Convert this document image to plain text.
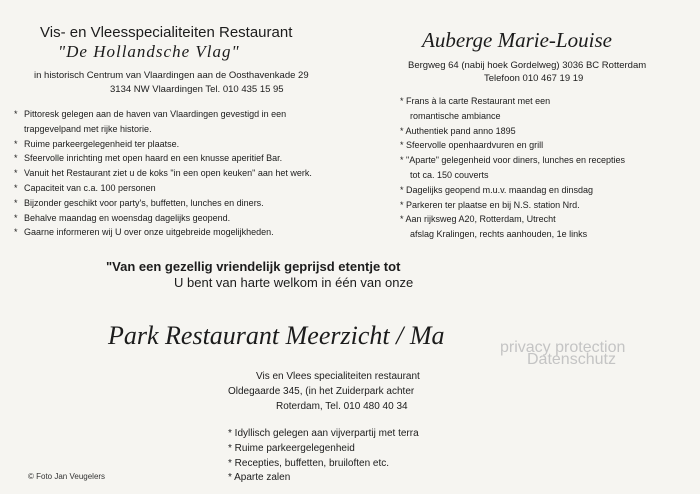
Vis- en Vleesspecialiteiten Restaurant
"De Hollandsche Vlag"
in historisch Centrum van Vlaardingen aan de Oosthavenkade 29
3134 NW Vlaardingen Tel. 010 435 15 95
* Pittoresk gelegen aan de haven van Vlaardingen gevestigd in een
trapgevelpand met rijke historie.
* Ruime parkeergelegenheid ter plaatse.
* Sfeervolle inrichting met open haard en een knusse aperitief Bar.
* Vanuit het Restaurant ziet u de koks "in een open keuken" aan het werk.
* Capaciteit van c.a. 100 personen
* Bijzonder geschikt voor party's, buffetten, lunches en diners.
* Behalve maandag en woensdag dagelijks geopend.
* Gaarne informeren wij U over onze uitgebreide mogelijkheden.
Auberge Marie-Louise
Bergweg 64 (nabij hoek Gordelweg) 3036 BC Rotterdam
Telefoon 010 467 19 19
* Frans à la carte Restaurant met een
romantische ambiance
* Authentiek pand anno 1895
* Sfeervolle openhaardvuren en grill
* "Aparte" gelegenheid voor diners, lunches en recepties
tot ca. 150 couverts
* Dagelijks geopend m.u.v. maandag en dinsdag
* Parkeren ter plaatse en bij N.S. station Nrd.
* Aan rijksweg A20, Rotterdam, Utrecht
afslag Kralingen, rechts aanhouden, 1e links
"Van een gezellig vriendelijk geprijsd etentje tot
U bent van harte welkom in één van onze
Park Restaurant Meerzicht / Ma
Vis en Vlees specialiteiten restaurant
Oldegaarde 345, (in het Zuiderpark achter
Roterdam, Tel. 010 480 40 34
* Idyllisch gelegen aan vijverpartij met terra
* Ruime parkeergelegenheid
* Recepties, buffetten, bruiloften etc.
* Aparte zalen
privacy protection
Datenschutz
© Foto Jan Veugelers
